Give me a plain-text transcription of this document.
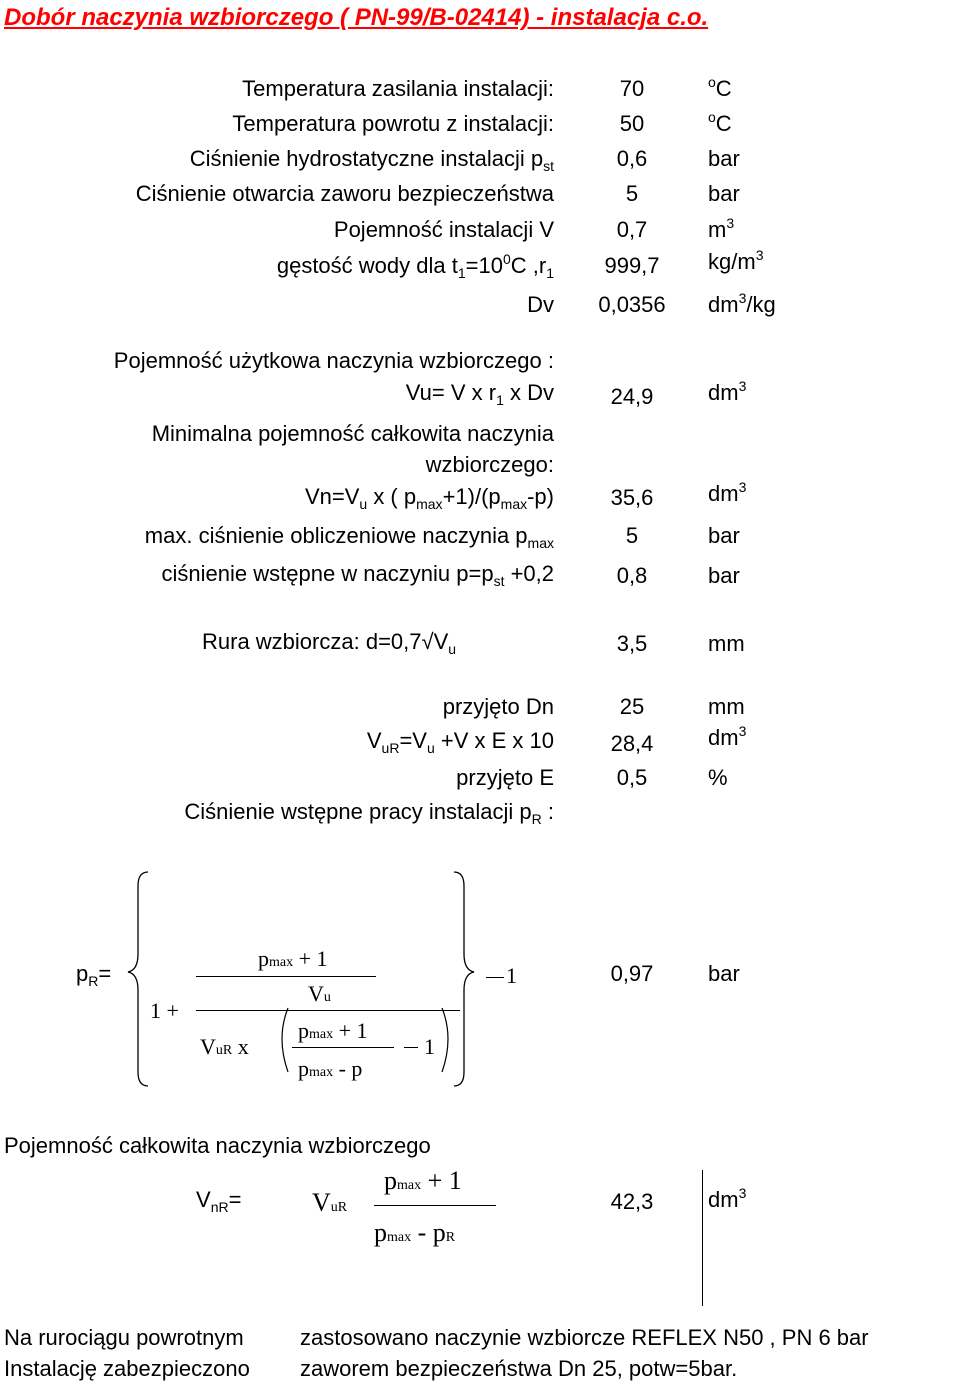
Dobór naczynia wzbiorczego ( PN-99/B-02414) - instalacja c.o.
Temperatura zasilania instalacji:	70	$^o$C
Temperatura powrotu z instalacji:	50	$^o$C
Ciśnienie hydrostatyczne instalacji $p_{st}$	0,6	bar
Ciśnienie otwarcia zaworu bezpieczeństwa	5	bar
Pojemność instalacji V	0,7	$m^3$
gęstość wody dla $t_1=10^0C$ $,r_1$	999,7	$kg/m^3$
Dv	0,0356	$dm^3/kg$
Pojemność użytkowa naczynia wzbiorczego :
Vu= V x $r_1$ x Dv	24,9	$dm^3$
Minimalna pojemność całkowita naczynia
wzbiorczego:
$Vn=V_u$ x ( $p_{max}+1)/(p_{max}-p)$	35,6	$dm^3$
max. ciśnienie obliczeniowe naczynia $p_{max}$	5	bar
ciśnienie wstępne w naczyniu $p=p_{st} +0,2$	0,8	bar
Rura wzbiorcza: $d=0,7√V_u$	3,5	mm
przyjęto Dn	25	mm
$V_{uR}=V_u +V$ x E x 10	28,4	$dm^3$
przyjęto E	0,5	%
Ciśnienie wstępne pracy instalacji $p_R$ :
$p_R=$
pmax + 1
Vu
1 +
VuR x
pmax + 1
pmax - p
1
1	0,97	bar
Pojemność całkowita naczynia wzbiorczego
$V_{nR}=$	VuR
pmax + 1
pmax - pR
42,3	$dm^3$
Na rurociągu powrotnym	zastosowano naczynie wzbiorcze REFLEX N50 , PN 6 bar
Instalację zabezpieczono zaworem bezpieczeństwa Dn 25, potw=5bar.
